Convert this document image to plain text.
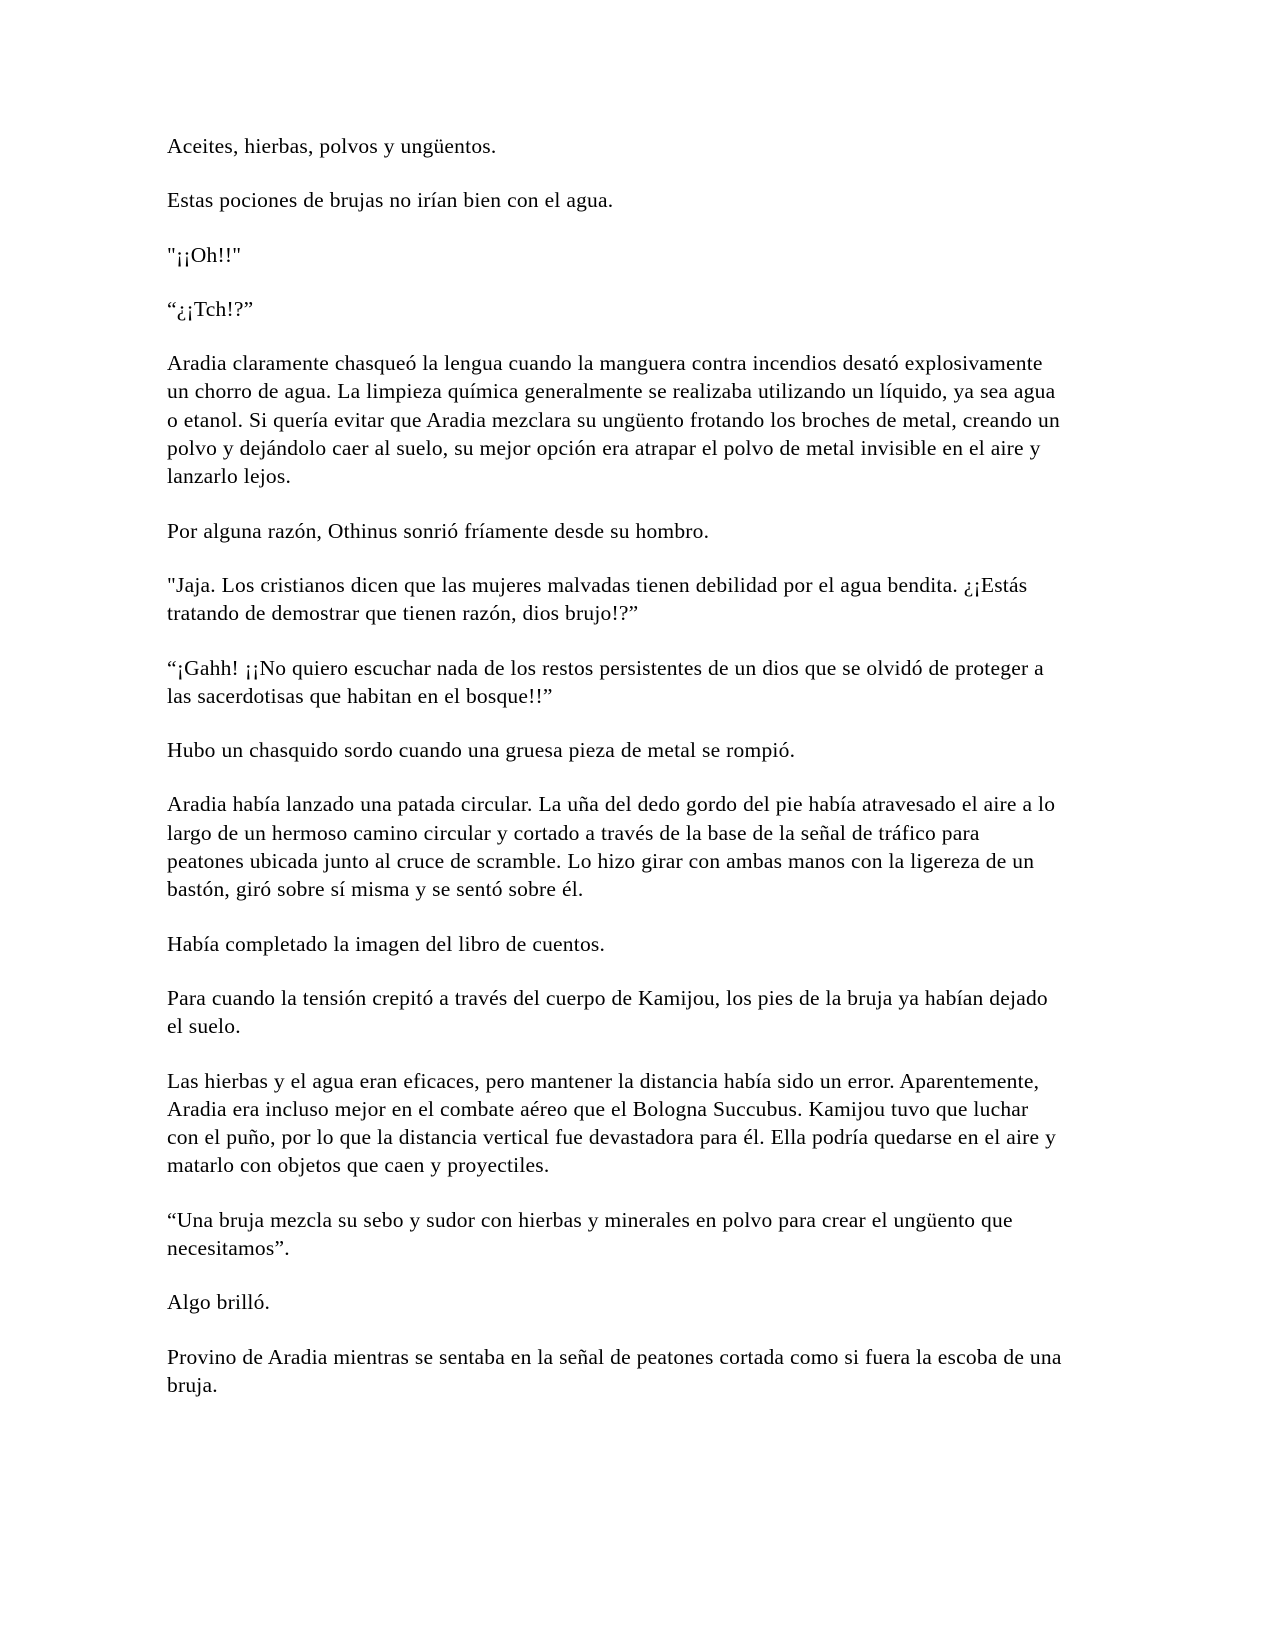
Aceites, hierbas, polvos y ungüentos.

Estas pociones de brujas no irían bien con el agua.

"¡¡Oh!!"

“¿¡Tch!?”

Aradia claramente chasqueó la lengua cuando la manguera contra incendios desató explosivamente un chorro de agua. La limpieza química generalmente se realizaba utilizando un líquido, ya sea agua o etanol. Si quería evitar que Aradia mezclara su ungüento frotando los broches de metal, creando un polvo y dejándolo caer al suelo, su mejor opción era atrapar el polvo de metal invisible en el aire y lanzarlo lejos.

Por alguna razón, Othinus sonrió fríamente desde su hombro.

"Jaja. Los cristianos dicen que las mujeres malvadas tienen debilidad por el agua bendita. ¿¡Estás tratando de demostrar que tienen razón, dios brujo!?”

“¡Gahh! ¡¡No quiero escuchar nada de los restos persistentes de un dios que se olvidó de proteger a las sacerdotisas que habitan en el bosque!!”

Hubo un chasquido sordo cuando una gruesa pieza de metal se rompió.

Aradia había lanzado una patada circular. La uña del dedo gordo del pie había atravesado el aire a lo largo de un hermoso camino circular y cortado a través de la base de la señal de tráfico para peatones ubicada junto al cruce de scramble. Lo hizo girar con ambas manos con la ligereza de un bastón, giró sobre sí misma y se sentó sobre él.

Había completado la imagen del libro de cuentos.

Para cuando la tensión crepitó a través del cuerpo de Kamijou, los pies de la bruja ya habían dejado el suelo.

Las hierbas y el agua eran eficaces, pero mantener la distancia había sido un error. Aparentemente, Aradia era incluso mejor en el combate aéreo que el Bologna Succubus. Kamijou tuvo que luchar con el puño, por lo que la distancia vertical fue devastadora para él. Ella podría quedarse en el aire y matarlo con objetos que caen y proyectiles.

“Una bruja mezcla su sebo y sudor con hierbas y minerales en polvo para crear el ungüento que necesitamos”.

Algo brilló.

Provino de Aradia mientras se sentaba en la señal de peatones cortada como si fuera la escoba de una bruja.
